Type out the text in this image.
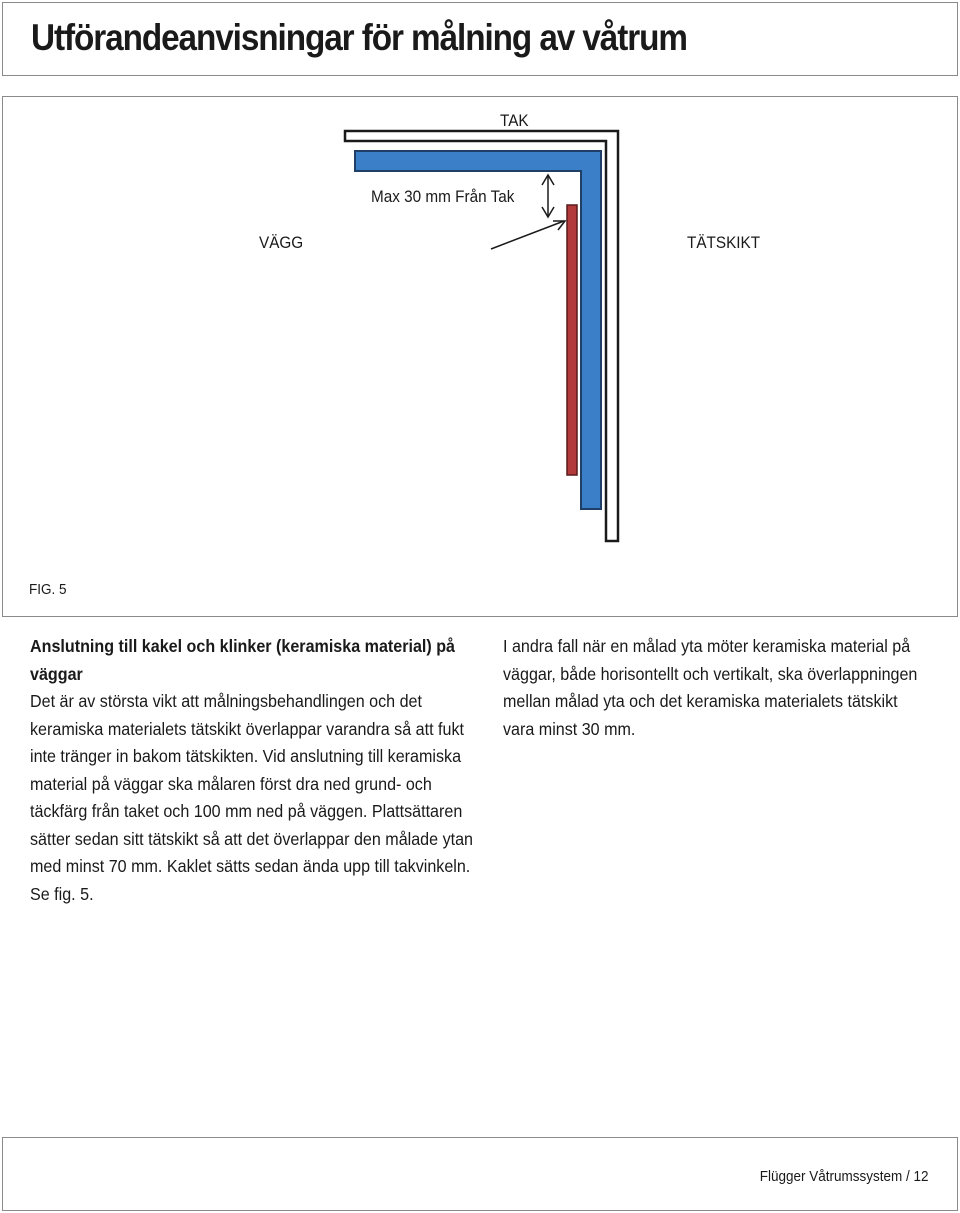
Utförandeanvisningar för målning av våtrum
TAK
Max 30 mm Från Tak
VÄGG	TÄTSKIKT
FIG. 5

Anslutning till kakel och klinker (keramiska material) på väggar

Det är av största vikt att målningsbehandlingen och det keramiska materialets tätskikt överlappar varandra så att fukt inte tränger in bakom tätskikten. Vid anslutning till keramiska material på väggar ska målaren först dra ned grund- och täckfärg från taket och 100 mm ned på väggen. Plattsättaren sätter sedan sitt tätskikt så att det överlappar den målade ytan med minst 70 mm. Kaklet sätts sedan ända upp till takvinkeln. Se fig. 5.

I andra fall när en målad yta möter keramiska material på väggar, både horisontellt och vertikalt, ska överlappningen mellan målad yta och det keramiska materialets tätskikt vara minst 30 mm.

Flügger Våtrumssystem / 12
